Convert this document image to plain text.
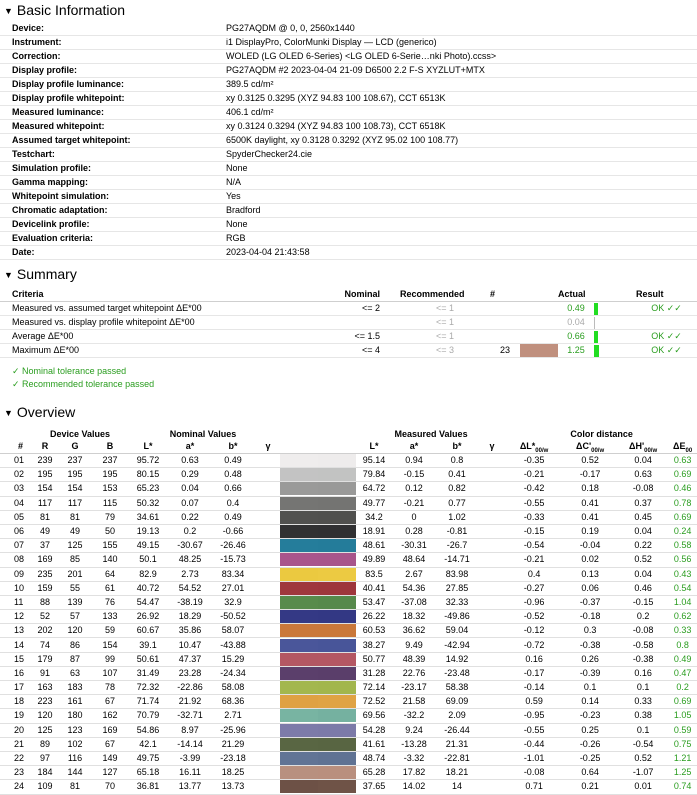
▼ Basic Information
Device:	PG27AQDM @ 0, 0, 2560x1440
Instrument:	i1 DisplayPro, ColorMunki Display — LCD (generico)
Correction:	WOLED (LG OLED 6-Series) <LG OLED 6-Serie…nki Photo).ccss>
Display profile:	PG27AQDM #2 2023-04-04 21-09 D6500 2.2 F-S XYZLUT+MTX
Display profile luminance:	389.5 cd/m²
Display profile whitepoint:	xy 0.3125 0.3295 (XYZ 94.83 100 108.67), CCT 6513K
Measured luminance:	406.1 cd/m²
Measured whitepoint:	xy 0.3124 0.3294 (XYZ 94.83 100 108.73), CCT 6518K
Assumed target whitepoint:	6500K daylight, xy 0.3128 0.3292 (XYZ 95.02 100 108.77)
Testchart:	SpyderChecker24.cie
Simulation profile:	None
Gamma mapping:	N/A
Whitepoint simulation:	Yes
Chromatic adaptation:	Bradford
Devicelink profile:	None
Evaluation criteria:	RGB
Date:	2023-04-04 21:43:58
▼ Summary
Criteria	Nominal	Recommended	#		Actual		Result
Measured vs. assumed target whitepoint ΔE*00	<= 2	<= 1			0.49		OK ✓✓
Measured vs. display profile whitepoint ΔE*00		<= 1			0.04		
Average ΔE*00	<= 1.5	<= 1			0.66		OK ✓✓
Maximum ΔE*00	<= 4	<= 3	23		1.25		OK ✓✓
✓ Nominal tolerance passed
✓ Recommended tolerance passed
▼ Overview
	Device Values			Nominal Values						Measured Values				Color distance				
#	R	G	B	L*	a*	b*	γ			L*	a*	b*	γ	$\Delta L*_{00/w}$	$\Delta C'_{00/w}$	$\Delta H'_{00/w}$	$\Delta E_{00}$	
01	239	237	237	95.72	0.63	0.49				95.14	0.94	0.8		-0.35	0.52	0.04	0.63	
02	195	195	195	80.15	0.29	0.48				79.84	-0.15	0.41		-0.21	-0.17	0.63	0.69	
03	154	154	153	65.23	0.04	0.66				64.72	0.12	0.82		-0.42	0.18	-0.08	0.46	
04	117	117	115	50.32	0.07	0.4				49.77	-0.21	0.77		-0.55	0.41	0.37	0.78	
05	81	81	79	34.61	0.22	0.49				34.2	0	1.02		-0.33	0.41	0.45	0.69	
06	49	49	50	19.13	0.2	-0.66				18.91	0.28	-0.81		-0.15	0.19	0.04	0.24	
07	37	125	155	49.15	-30.67	-26.46				48.61	-30.31	-26.7		-0.54	-0.04	0.22	0.58	
08	169	85	140	50.1	48.25	-15.73				49.89	48.64	-14.71		-0.21	0.02	0.52	0.56	
09	235	201	64	82.9	2.73	83.34				83.5	2.67	83.98		0.4	0.13	0.04	0.43	
10	159	55	61	40.72	54.52	27.01				40.41	54.36	27.85		-0.27	0.06	0.46	0.54	
11	88	139	76	54.47	-38.19	32.9				53.47	-37.08	32.33		-0.96	-0.37	-0.15	1.04	
12	52	57	133	26.92	18.29	-50.52				26.22	18.32	-49.86		-0.52	-0.18	0.2	0.62	
13	202	120	59	60.67	35.86	58.07				60.53	36.62	59.04		-0.12	0.3	-0.08	0.33	
14	74	86	154	39.1	10.47	-43.88				38.27	9.49	-42.94		-0.72	-0.38	-0.58	0.8	
15	179	87	99	50.61	47.37	15.29				50.77	48.39	14.92		0.16	0.26	-0.38	0.49	
16	91	63	107	31.49	23.28	-24.34				31.28	22.76	-23.48		-0.17	-0.39	0.16	0.47	
17	163	183	78	72.32	-22.86	58.08				72.14	-23.17	58.38		-0.14	0.1	0.1	0.2	
18	223	161	67	71.74	21.92	68.36				72.52	21.58	69.09		0.59	0.14	0.33	0.69	
19	120	180	162	70.79	-32.71	2.71				69.56	-32.2	2.09		-0.95	-0.23	0.38	1.05	
20	125	123	169	54.86	8.97	-25.96				54.28	9.24	-26.44		-0.55	0.25	0.1	0.59	
21	89	102	67	42.1	-14.14	21.29				41.61	-13.28	21.31		-0.44	-0.26	-0.54	0.75	
22	97	116	149	49.75	-3.99	-23.18				48.74	-3.32	-22.81		-1.01	-0.25	0.52	1.21	
23	184	144	127	65.18	16.11	18.25				65.28	17.82	18.21		-0.08	0.64	-1.07	1.25	
24	109	81	70	36.81	13.77	13.73				37.65	14.02	14		0.71	0.21	0.01	0.74	
